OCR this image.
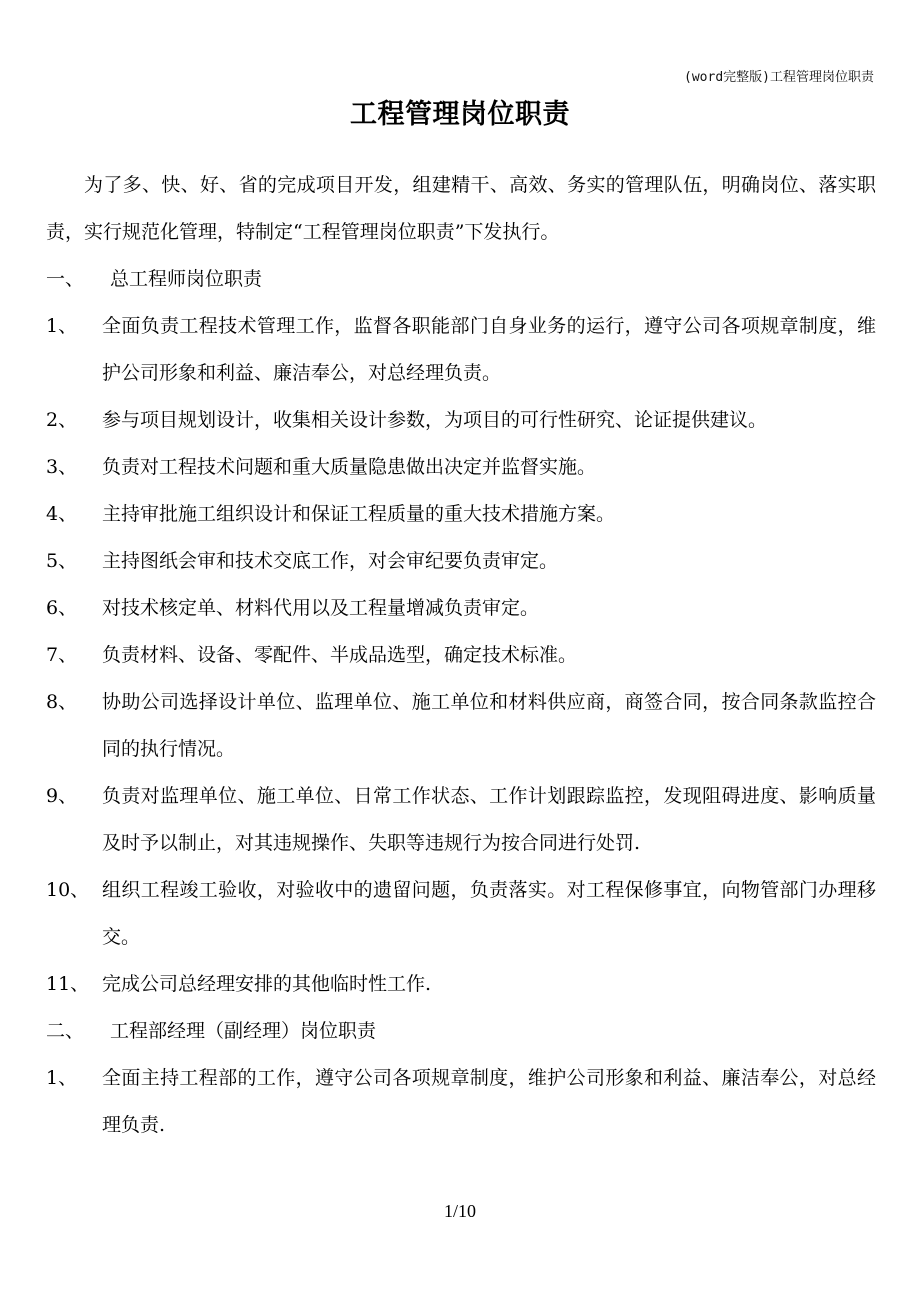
(word完整版)工程管理岗位职责
工程管理岗位职责

为了多、快、好、省的完成项目开发，组建精干、高效、务实的管理队伍，明确岗位、落实职责，实行规范化管理，特制定“工程管理岗位职责”下发执行。

一、 总工程师岗位职责
1、 全面负责工程技术管理工作，监督各职能部门自身业务的运行，遵守公司各项规章制度，维护公司形象和利益、廉洁奉公，对总经理负责。
2、 参与项目规划设计，收集相关设计参数，为项目的可行性研究、论证提供建议。
3、 负责对工程技术问题和重大质量隐患做出决定并监督实施。
4、 主持审批施工组织设计和保证工程质量的重大技术措施方案。
5、 主持图纸会审和技术交底工作，对会审纪要负责审定。
6、 对技术核定单、材料代用以及工程量增减负责审定。
7、 负责材料、设备、零配件、半成品选型，确定技术标准。
8、 协助公司选择设计单位、监理单位、施工单位和材料供应商，商签合同，按合同条款监控合同的执行情况。
9、 负责对监理单位、施工单位、日常工作状态、工作计划跟踪监控，发现阻碍进度、影响质量及时予以制止，对其违规操作、失职等违规行为按合同进行处罚.
10、 组织工程竣工验收，对验收中的遗留问题，负责落实。对工程保修事宜，向物管部门办理移交。
11、 完成公司总经理安排的其他临时性工作.
二、 工程部经理（副经理）岗位职责
1、 全面主持工程部的工作，遵守公司各项规章制度，维护公司形象和利益、廉洁奉公，对总经理负责.
1/10
